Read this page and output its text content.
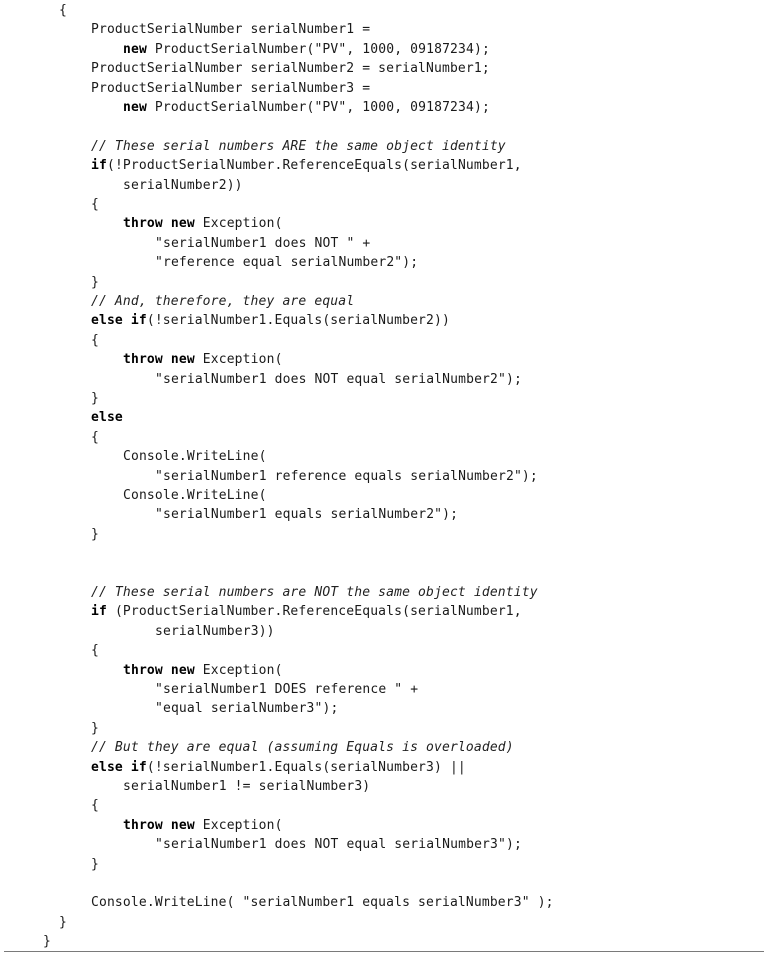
{
ProductSerialNumber serialNumber1 =
new ProductSerialNumber("PV", 1000, 09187234);
ProductSerialNumber serialNumber2 = serialNumber1;
ProductSerialNumber serialNumber3 =
new ProductSerialNumber("PV", 1000, 09187234);
// These serial numbers ARE the same object identity
if(!ProductSerialNumber.ReferenceEquals(serialNumber1,
serialNumber2))
{
throw new Exception(
"serialNumber1 does NOT " +
"reference equal serialNumber2");
}
// And, therefore, they are equal
else if(!serialNumber1.Equals(serialNumber2))
{
throw new Exception(
"serialNumber1 does NOT equal serialNumber2");
}
else
{
Console.WriteLine(
"serialNumber1 reference equals serialNumber2");
Console.WriteLine(
"serialNumber1 equals serialNumber2");
}
// These serial numbers are NOT the same object identity
if (ProductSerialNumber.ReferenceEquals(serialNumber1,
serialNumber3))
{
throw new Exception(
"serialNumber1 DOES reference " +
"equal serialNumber3");
}
// But they are equal (assuming Equals is overloaded)
else if(!serialNumber1.Equals(serialNumber3) ||
serialNumber1 != serialNumber3)
{
throw new Exception(
"serialNumber1 does NOT equal serialNumber3");
}
Console.WriteLine( "serialNumber1 equals serialNumber3" );
}
}
